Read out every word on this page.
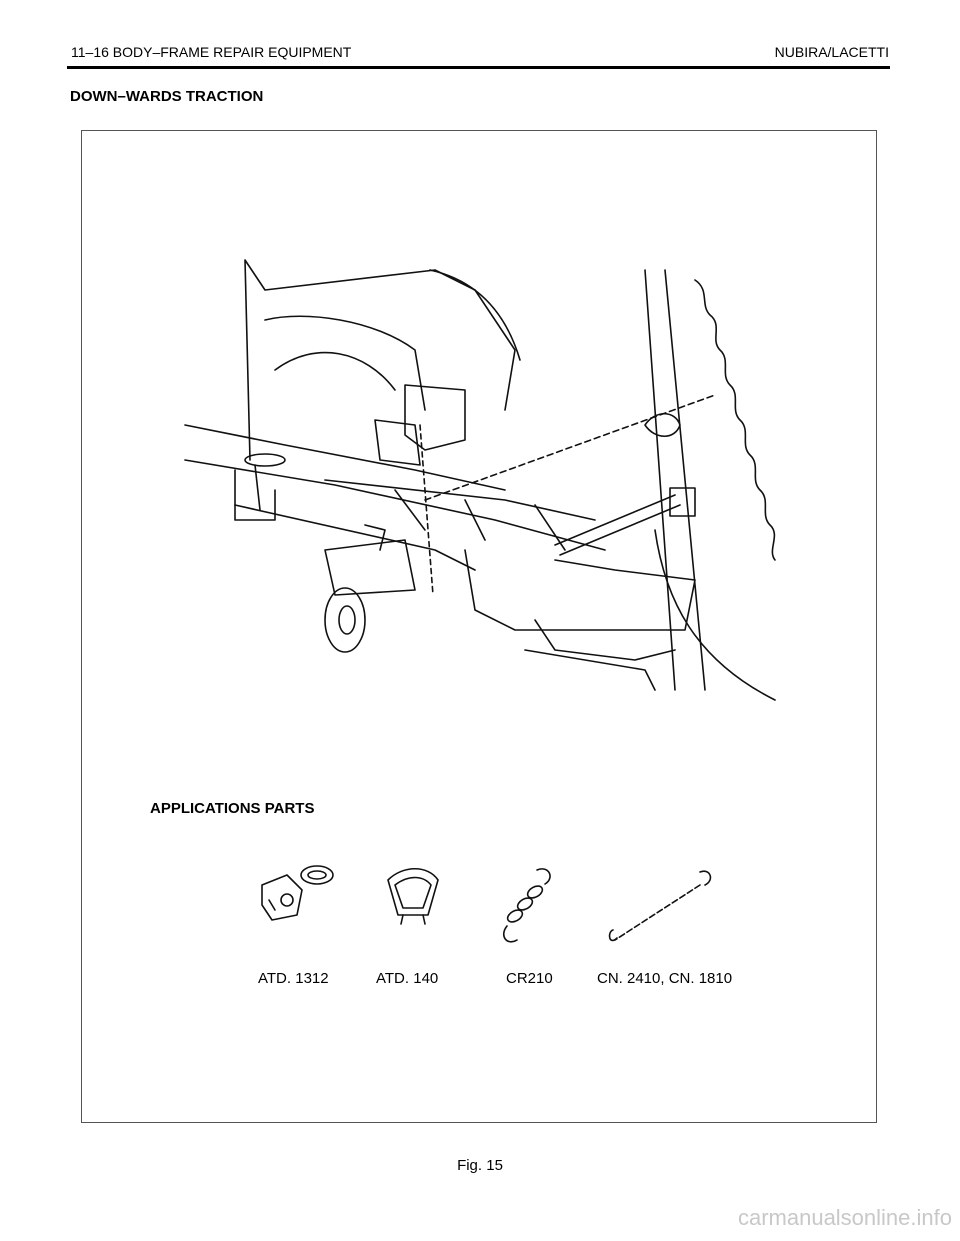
11–16 BODY–FRAME REPAIR EQUIPMENT	NUBIRA/LACETTI
DOWN–WARDS TRACTION
APPLICATIONS PARTS
ATD. 1312	ATD. 140	CR210	CN. 2410, CN. 1810
Fig. 15
carmanualsonline.info
